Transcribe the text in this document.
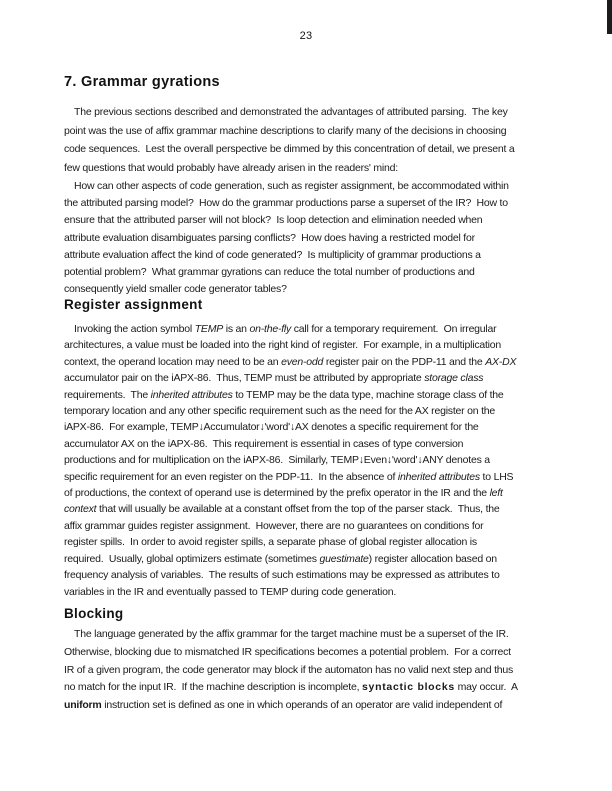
23
7. Grammar gyrations
The previous sections described and demonstrated the advantages of attributed parsing.  The key
point was the use of affix grammar machine descriptions to clarify many of the decisions in choosing
code sequences.  Lest the overall perspective be dimmed by this concentration of detail, we present a
few questions that would probably have already arisen in the readers' mind:
How can other aspects of code generation, such as register assignment, be accommodated within
the attributed parsing model?  How do the grammar productions parse a superset of the IR?  How to
ensure that the attributed parser will not block?  Is loop detection and elimination needed when
attribute evaluation disambiguates parsing conflicts?  How does having a restricted model for
attribute evaluation affect the kind of code generated?  Is multiplicity of grammar productions a
potential problem?  What grammar gyrations can reduce the total number of productions and
consequently yield smaller code generator tables?
Register assignment
Invoking the action symbol TEMP is an on-the-fly call for a temporary requirement.  On irregular
architectures, a value must be loaded into the right kind of register.  For example, in a multiplication
context, the operand location may need to be an even-odd register pair on the PDP-11 and the AX-DX
accumulator pair on the iAPX-86.  Thus, TEMP must be attributed by appropriate storage class
requirements.  The inherited attributes to TEMP may be the data type, machine storage class of the
temporary location and any other specific requirement such as the need for the AX register on the
iAPX-86.  For example, TEMP↓Accumulator↓'word'↓AX denotes a specific requirement for the
accumulator AX on the iAPX-86.  This requirement is essential in cases of type conversion
productions and for multiplication on the iAPX-86.  Similarly, TEMP↓Even↓'word'↓ANY denotes a
specific requirement for an even register on the PDP-11.  In the absence of inherited attributes to LHS
of productions, the context of operand use is determined by the prefix operator in the IR and the left
context that will usually be available at a constant offset from the top of the parser stack.  Thus, the
affix grammar guides register assignment.  However, there are no guarantees on conditions for
register spills.  In order to avoid register spills, a separate phase of global register allocation is
required.  Usually, global optimizers estimate (sometimes guestimate) register allocation based on
frequency analysis of variables.  The results of such estimations may be expressed as attributes to
variables in the IR and eventually passed to TEMP during code generation.
Blocking
The language generated by the affix grammar for the target machine must be a superset of the IR.
Otherwise, blocking due to mismatched IR specifications becomes a potential problem.  For a correct
IR of a given program, the code generator may block if the automaton has no valid next step and thus
no match for the input IR.  If the machine description is incomplete, syntactic blocks may occur.  A
uniform instruction set is defined as one in which operands of an operator are valid independent of
